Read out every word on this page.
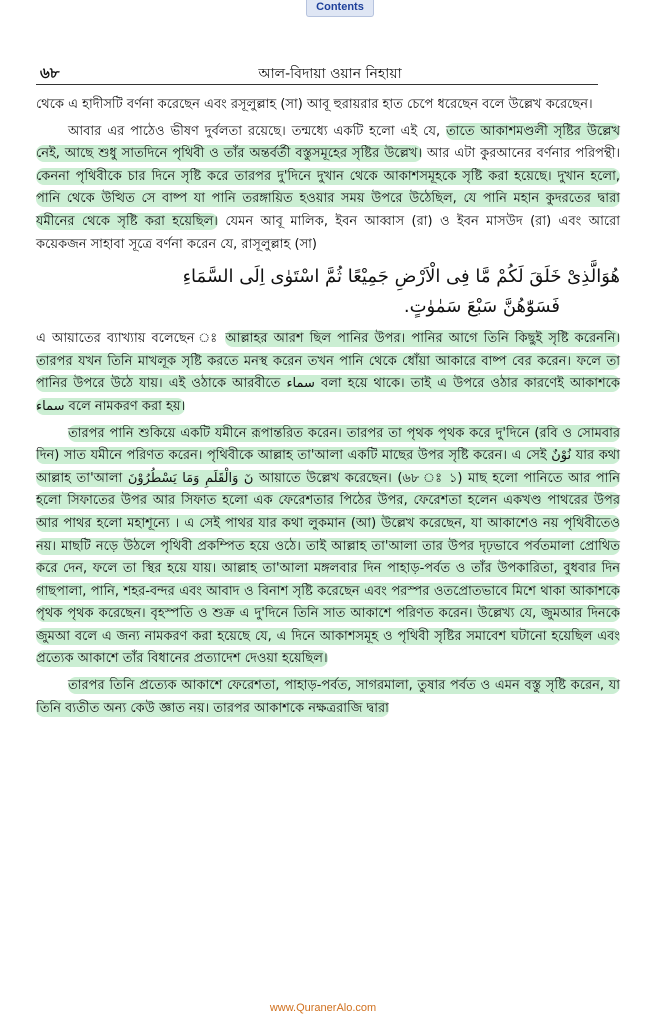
Contents
৬৮	আল-বিদায়া ওয়ান নিহায়া

থেকে এ হাদীসটি বর্ণনা করেছেন এবং রসূলুল্লাহ (সা) আবূ হুরায়রার হাত চেপে ধরেছেন বলে উল্লেখ করেছেন।

আবার এর পাঠেও ভীষণ দুর্বলতা রয়েছে। তন্মধ্যে একটি হলো এই যে, তাতে আকাশমণ্ডলী সৃষ্টির উল্লেখ নেই, আছে শুধু সাতদিনে পৃথিবী ও তাঁর অন্তর্বর্তী বস্তুসমূহের সৃষ্টির উল্লেখ। আর এটা কুরআনের বর্ণনার পরিপন্থী। কেননা পৃথিবীকে চার দিনে সৃষ্টি করে তারপর দু'দিনে দুখান থেকে আকাশসমূহকে সৃষ্টি করা হয়েছে। দুখান হলো, পানি থেকে উত্থিত সে বাষ্প যা পানি তরঙ্গায়িত হওয়ার সময় উপরে উঠেছিল, যে পানি মহান কুদরতের দ্বারা যমীনের থেকে সৃষ্টি করা হয়েছিল। যেমন আবূ মালিক, ইবন আব্বাস (রা) ও ইবন মাসউদ (রা) এবং আরো কয়েকজন সাহাবা সূত্রে বর্ণনা করেন যে, রাসূলুল্লাহ (সা)

هُوَالَّذِىْ خَلَقَ لَكُمْ مَّا فِى الْاَرْضِ جَمِيْعًا ثُمَّ اسْتَوٰى اِلَى السَّمَاءِ
فَسَوّٰهُنَّ سَبْعَ سَمٰوٰتٍ.

এ আয়াতের ব্যাখ্যায় বলেছেন ঃ আল্লাহর আরশ ছিল পানির উপর। পানির আগে তিনি কিছুই সৃষ্টি করেননি। তারপর যখন তিনি মাখলূক সৃষ্টি করতে মনস্থ করেন তখন পানি থেকে ধোঁয়া আকারে বাষ্প বের করেন। ফলে তা পানির উপরে উঠে যায়। এই ওঠাকে আরবীতে سماء বলা হয়ে থাকে। তাই এ উপরে ওঠার কারণেই আকাশকে سماء বলে নামকরণ করা হয়।

তারপর পানি শুকিয়ে একটি যমীনে রূপান্তরিত করেন। তারপর তা পৃথক পৃথক করে দু'দিনে (রবি ও সোমবার দিন) সাত যমীনে পরিণত করেন। পৃথিবীকে আল্লাহ তা'আলা একটি মাছের উপর সৃষ্টি করেন। এ সেই نُوْنٌ যার কথা আল্লাহ তা'আলা نٓ وَالْقَلَمِ وَمَا يَسْطُرُوْنَ আয়াতে উল্লেখ করেছেন। (৬৮ ঃ ১) মাছ হলো পানিতে আর পানি হলো সিফাতের উপর আর সিফাত হলো এক ফেরেশতার পিঠের উপর, ফেরেশতা হলেন একখণ্ড পাথরের উপর আর পাথর হলো মহাশূন্যে । এ সেই পাথর যার কথা লুকমান (আ) উল্লেখ করেছেন, যা আকাশেও নয় পৃথিবীতেও নয়। মাছটি নড়ে উঠলে পৃথিবী প্রকম্পিত হয়ে ওঠে। তাই আল্লাহ তা'আলা তার উপর দৃঢ়ভাবে পর্বতমালা প্রোথিত করে দেন, ফলে তা স্থির হয়ে যায়। আল্লাহ তা'আলা মঙ্গলবার দিন পাহাড়-পর্বত ও তাঁর উপকারিতা, বুধবার দিন গাছপালা, পানি, শহর-বন্দর এবং আবাদ ও বিনাশ সৃষ্টি করেছেন এবং পরস্পর ওতপ্রোতভাবে মিশে থাকা আকাশকে পৃথক পৃথক করেছেন। বৃহস্পতি ও শুক্র এ দু'দিনে তিনি সাত আকাশে পরিণত করেন। উল্লেখ্য যে, জুমআর দিনকে জুমআ বলে এ জন্য নামকরণ করা হয়েছে যে, এ দিনে আকাশসমূহ ও পৃথিবী সৃষ্টির সমাবেশ ঘটানো হয়েছিল এবং প্রত্যেক আকাশে তাঁর বিধানের প্রত্যাদেশ দেওয়া হয়েছিল।

তারপর তিনি প্রত্যেক আকাশে ফেরেশতা, পাহাড়-পর্বত, সাগরমালা, তুষার পর্বত ও এমন বস্তু সৃষ্টি করেন, যা তিনি ব্যতীত অন্য কেউ জ্ঞাত নয়। তারপর আকাশকে নক্ষত্ররাজি দ্বারা

www.QuranerAlo.com
